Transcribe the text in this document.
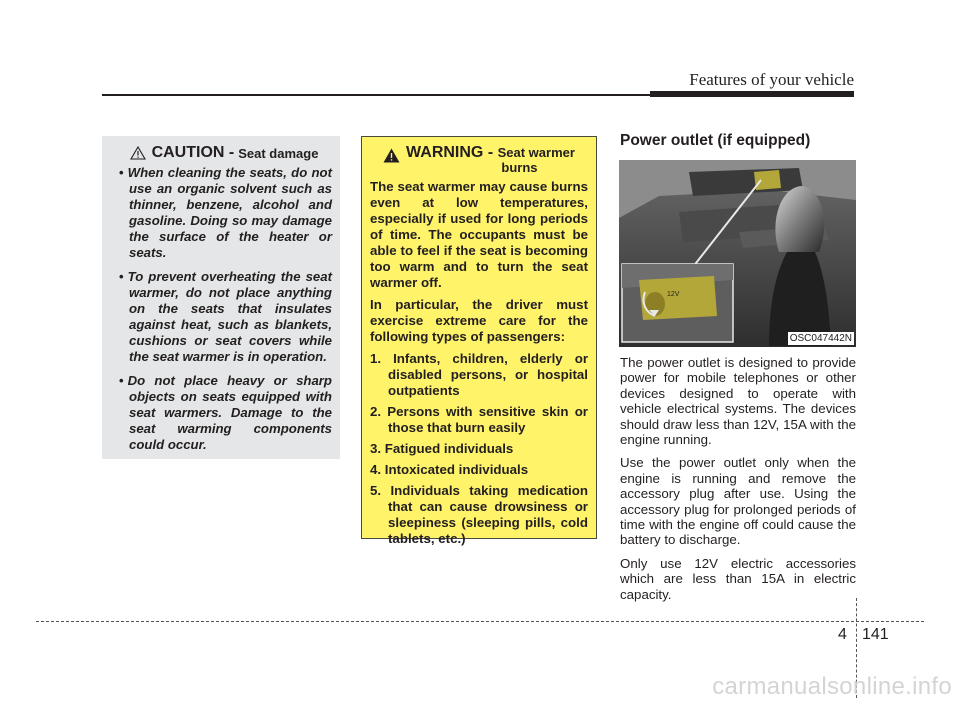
Features of your vehicle
CAUTION - Seat damage
• When cleaning the seats, do not use an organic solvent such as thinner, benzene, alcohol and gasoline. Doing so may damage the surface of the heater or seats.
• To prevent overheating the seat warmer, do not place anything on the seats that insulates against heat, such as blankets, cushions or seat covers while the seat warmer is in operation.
• Do not place heavy or sharp objects on seats equipped with seat warmers. Damage to the seat warming components could occur.
WARNING - Seat warmer
burns

The seat warmer may cause burns even at low temperatures, especially if used for long periods of time. The occupants must be able to feel if the seat is becoming too warm and to turn the seat warmer off.

In particular, the driver must exercise extreme care for the following types of passengers:

1. Infants, children, elderly or disabled persons, or hospital outpatients
2. Persons with sensitive skin or those that burn easily
3. Fatigued individuals
4. Intoxicated individuals
5. Individuals taking medication that can cause drowsiness or sleepiness (sleeping pills, cold tablets, etc.)
Power outlet (if equipped)
12V
OSC047442N

The power outlet is designed to provide power for mobile telephones or other devices designed to operate with vehicle electrical systems. The devices should draw less than 12V, 15A with the engine running.

Use the power outlet only when the engine is running and remove the accessory plug after use. Using the accessory plug for prolonged periods of time with the engine off could cause the battery to discharge.

Only use 12V electric accessories which are less than 15A in electric capacity.

4 141
carmanualsonline.info
